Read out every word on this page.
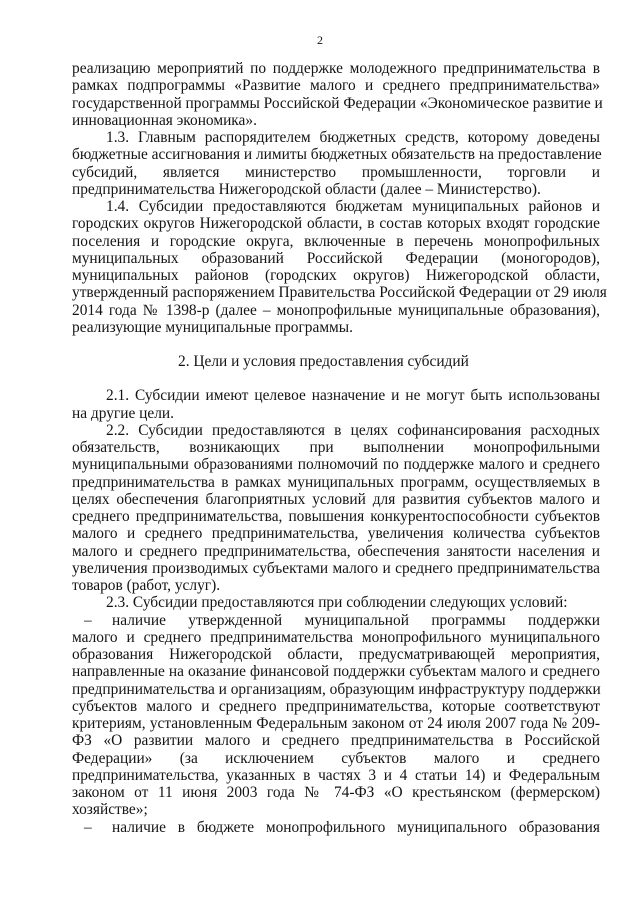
2
реализацию мероприятий по поддержке молодежного предпринимательства в
рамках подпрограммы «Развитие малого и среднего предпринимательства»
государственной программы Российской Федерации «Экономическое развитие и
инновационная экономика».
1.3. Главным распорядителем бюджетных средств, которому доведены
бюджетные ассигнования и лимиты бюджетных обязательств на предоставление
субсидий, является министерство промышленности, торговли и
предпринимательства Нижегородской области (далее – Министерство).
1.4. Субсидии предоставляются бюджетам муниципальных районов и
городских округов Нижегородской области, в состав которых входят городские
поселения и городские округа, включенные в перечень монопрофильных
муниципальных образований Российской Федерации (моногородов),
муниципальных районов (городских округов) Нижегородской области,
утвержденный распоряжением Правительства Российской Федерации от 29 июля
2014 года № 1398-р (далее – монопрофильные муниципальные образования),
реализующие муниципальные программы.
2. Цели и условия предоставления субсидий
2.1. Субсидии имеют целевое назначение и не могут быть использованы
на другие цели.
2.2. Субсидии предоставляются в целях софинансирования расходных
обязательств, возникающих при выполнении монопрофильными
муниципальными образованиями полномочий по поддержке малого и среднего
предпринимательства в рамках муниципальных программ, осуществляемых в
целях обеспечения благоприятных условий для развития субъектов малого и
среднего предпринимательства, повышения конкурентоспособности субъектов
малого и среднего предпринимательства, увеличения количества субъектов
малого и среднего предпринимательства, обеспечения занятости населения и
увеличения производимых субъектами малого и среднего предпринимательства
товаров (работ, услуг).
2.3. Субсидии предоставляются при соблюдении следующих условий:
– наличие утвержденной муниципальной программы поддержки
малого и среднего предпринимательства монопрофильного муниципального
образования Нижегородской области, предусматривающей мероприятия,
направленные на оказание финансовой поддержки субъектам малого и среднего
предпринимательства и организациям, образующим инфраструктуру поддержки
субъектов малого и среднего предпринимательства, которые соответствуют
критериям, установленным Федеральным законом от 24 июля 2007 года № 209-
ФЗ «О развитии малого и среднего предпринимательства в Российской
Федерации» (за исключением субъектов малого и среднего
предпринимательства, указанных в частях 3 и 4 статьи 14) и Федеральным
законом от 11 июня 2003 года № 74-ФЗ «О крестьянском (фермерском)
хозяйстве»;
– наличие в бюджете монопрофильного муниципального образования
